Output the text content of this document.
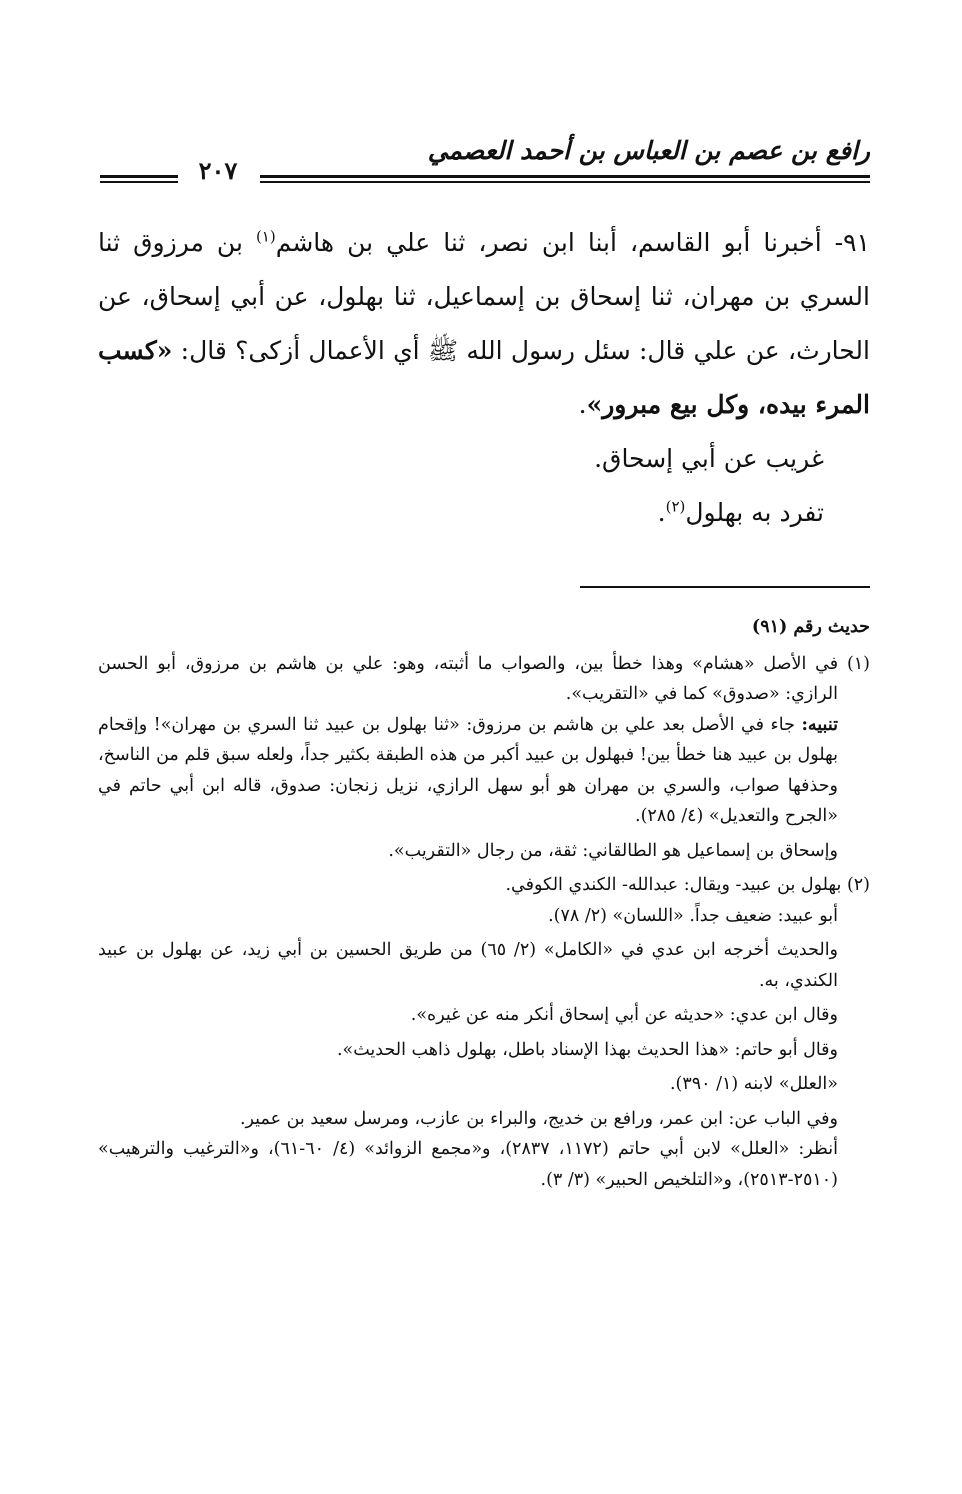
رافع بن عصم بن العباس بن أحمد العصمي
٢٠٧

٩١- أخبرنا أبو القاسم، أبنا ابن نصر، ثنا علي بن هاشم$^{(١)}$ بن مرزوق ثنا السري بن مهران، ثنا إسحاق بن إسماعيل، ثنا بهلول، عن أبي إسحاق، عن الحارث، عن علي قال: سئل رسول الله ﷺ أي الأعمال أزكى؟ قال: «كسب المرء بيده، وكل بيع مبرور».

غريب عن أبي إسحاق.

تفرد به بهلول$^{(٢)}$.

حديث رقم (٩١)

(١) في الأصل «هشام» وهذا خطأ بين، والصواب ما أثبته، وهو: علي بن هاشم بن مرزوق، أبو الحسن الرازي: «صدوق» كما في «التقريب».

تنبيه: جاء في الأصل بعد علي بن هاشم بن مرزوق: «ثنا بهلول بن عبيد ثنا السري بن مهران»! وإقحام بهلول بن عبيد هنا خطأ بين! فبهلول بن عبيد أكبر من هذه الطبقة بكثير جداً، ولعله سبق قلم من الناسخ، وحذفها صواب، والسري بن مهران هو أبو سهل الرازي، نزيل زنجان: صدوق، قاله ابن أبي حاتم في «الجرح والتعديل» (٤/ ٢٨٥).

وإسحاق بن إسماعيل هو الطالقاني: ثقة، من رجال «التقريب».

(٢) بهلول بن عبيد- ويقال: عبدالله- الكندي الكوفي.

أبو عبيد: ضعيف جداً. «اللسان» (٢/ ٧٨).

والحديث أخرجه ابن عدي في «الكامل» (٢/ ٦٥) من طريق الحسين بن أبي زيد، عن بهلول بن عبيد الكندي، به.

وقال ابن عدي: «حديثه عن أبي إسحاق أنكر منه عن غيره».

وقال أبو حاتم: «هذا الحديث بهذا الإسناد باطل، بهلول ذاهب الحديث».

«العلل» لابنه (١/ ٣٩٠).

وفي الباب عن: ابن عمر، ورافع بن خديج، والبراء بن عازب، ومرسل سعيد بن عمير.

أنظر: «العلل» لابن أبي حاتم (١١٧٢، ٢٨٣٧)، و«مجمع الزوائد» (٤/ ٦٠-٦١)، و«الترغيب والترهيب» (٢٥١٠-٢٥١٣)، و«التلخيص الحبير» (٣/ ٣).
